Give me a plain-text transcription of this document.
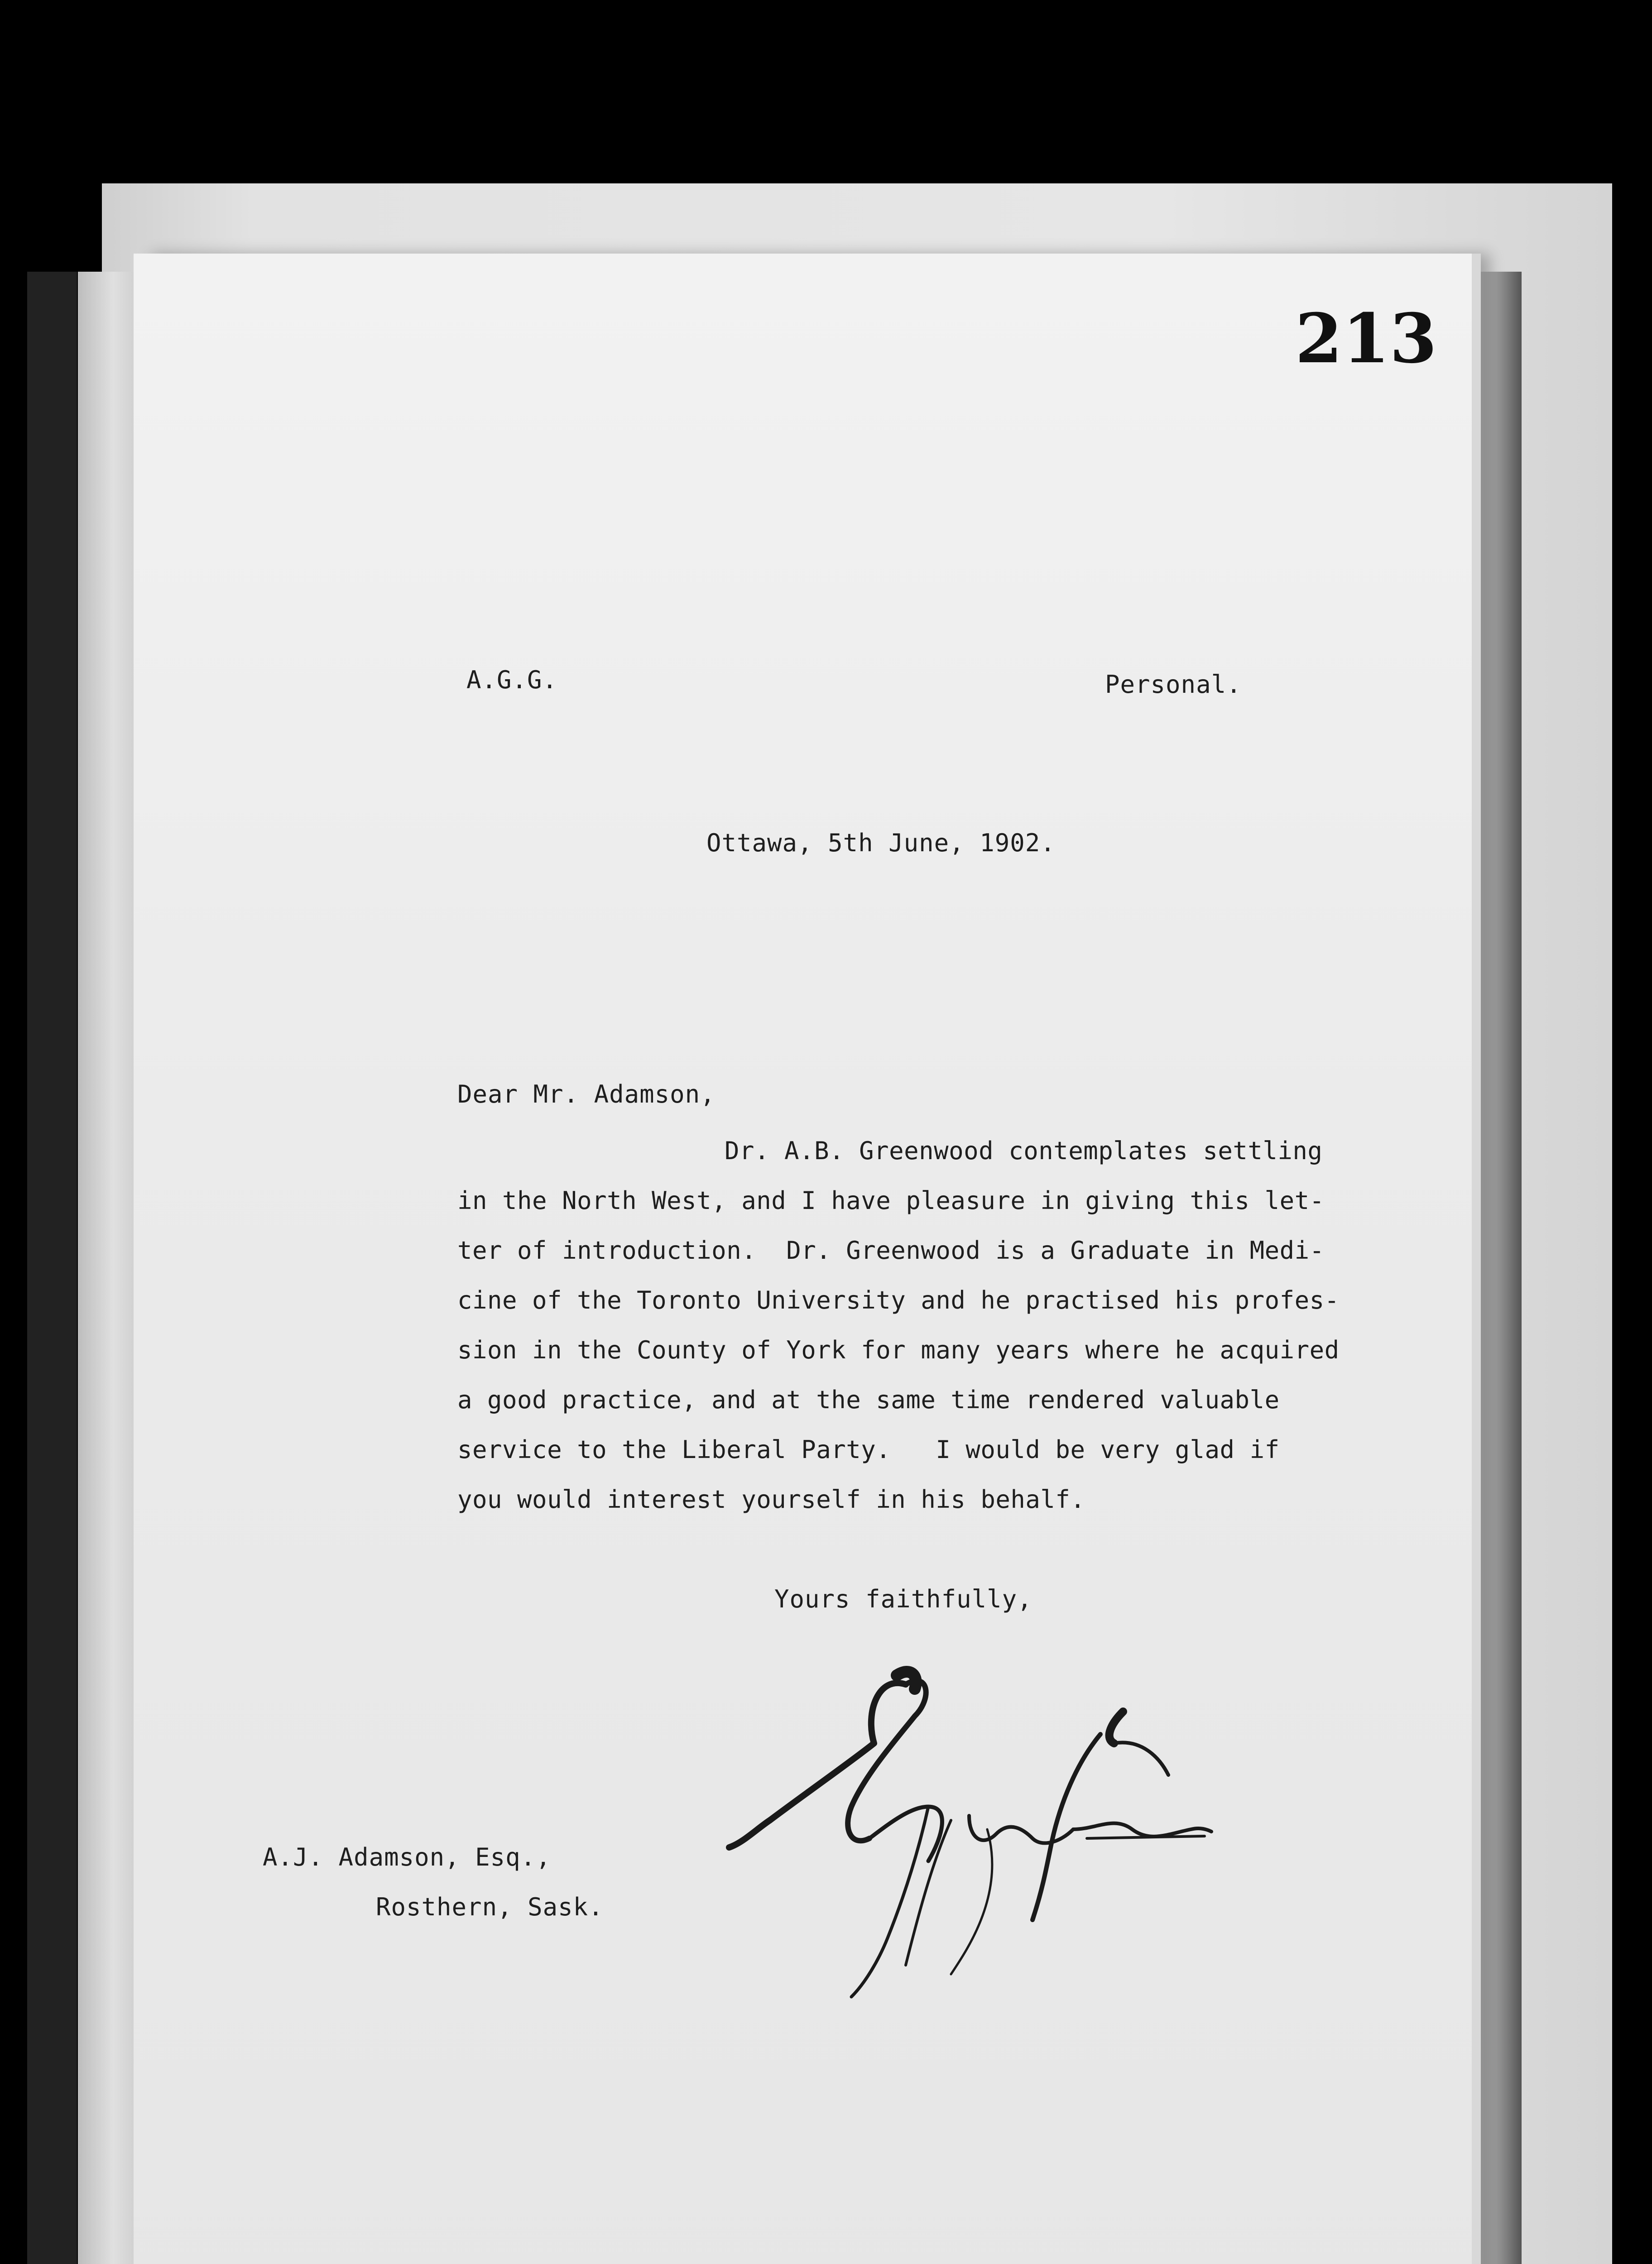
213
A.G.G.	Personal.
Ottawa, 5th June, 1902.
Dear Mr. Adamson,
Dr. A.B. Greenwood contemplates settling
in the North West, and I have pleasure in giving this let-
ter of introduction.  Dr. Greenwood is a Graduate in Medi-
cine of the Toronto University and he practised his profes-
sion in the County of York for many years where he acquired
a good practice, and at the same time rendered valuable
service to the Liberal Party.   I would be very glad if
you would interest yourself in his behalf.
Yours faithfully,
A.J. Adamson, Esq.,
Rosthern, Sask.
